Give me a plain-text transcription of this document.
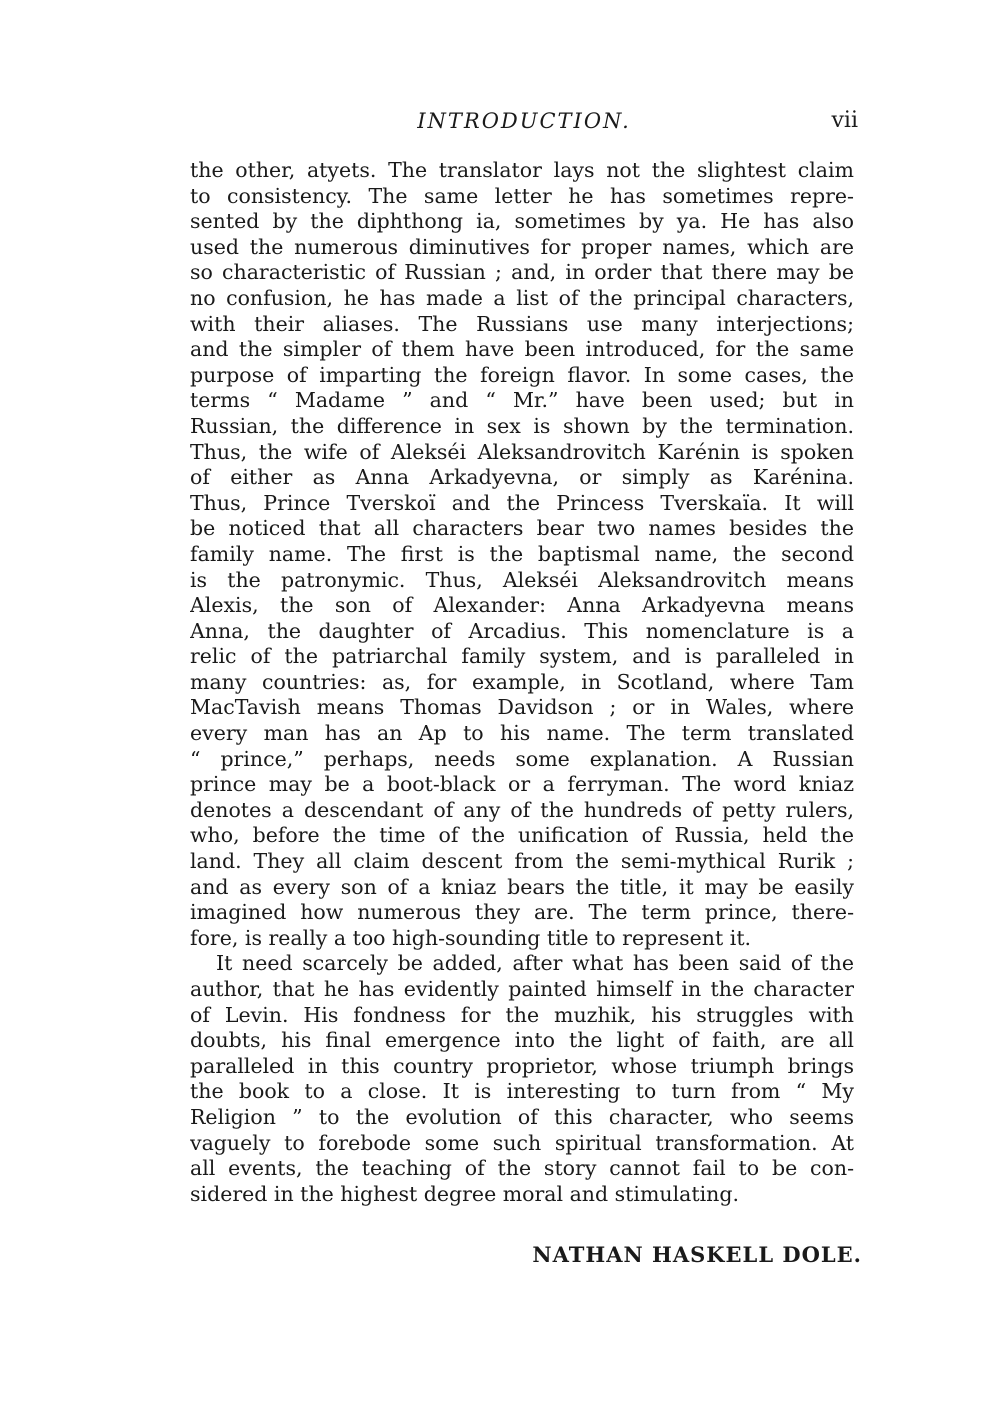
INTRODUCTION.	vii
the other, atyets. The translator lays not the slightest claim
to consistency. The same letter he has sometimes repre-
sented by the diphthong ia, sometimes by ya. He has also
used the numerous diminutives for proper names, which are
so characteristic of Russian ; and, in order that there may be
no confusion, he has made a list of the principal characters,
with their aliases. The Russians use many interjections;
and the simpler of them have been introduced, for the same
purpose of imparting the foreign flavor. In some cases, the
terms “ Madame ” and “ Mr.” have been used; but in
Russian, the difference in sex is shown by the termination.
Thus, the wife of Alekséi Aleksandrovitch Karénin is spoken
of either as Anna Arkadyevna, or simply as Karénina.
Thus, Prince Tverskoï and the Princess Tverskaïa. It will
be noticed that all characters bear two names besides the
family name. The first is the baptismal name, the second
is the patronymic. Thus, Alekséi Aleksandrovitch means
Alexis, the son of Alexander: Anna Arkadyevna means
Anna, the daughter of Arcadius. This nomenclature is a
relic of the patriarchal family system, and is paralleled in
many countries: as, for example, in Scotland, where Tam
MacTavish means Thomas Davidson ; or in Wales, where
every man has an Ap to his name. The term translated
“ prince,” perhaps, needs some explanation. A Russian
prince may be a boot-black or a ferryman. The word kniaz
denotes a descendant of any of the hundreds of petty rulers,
who, before the time of the unification of Russia, held the
land. They all claim descent from the semi-mythical Rurik ;
and as every son of a kniaz bears the title, it may be easily
imagined how numerous they are. The term prince, there-
fore, is really a too high-sounding title to represent it.
It need scarcely be added, after what has been said of the
author, that he has evidently painted himself in the character
of Levin. His fondness for the muzhik, his struggles with
doubts, his final emergence into the light of faith, are all
paralleled in this country proprietor, whose triumph brings
the book to a close. It is interesting to turn from “ My
Religion ” to the evolution of this character, who seems
vaguely to forebode some such spiritual transformation. At
all events, the teaching of the story cannot fail to be con-
sidered in the highest degree moral and stimulating.
NATHAN HASKELL DOLE.
